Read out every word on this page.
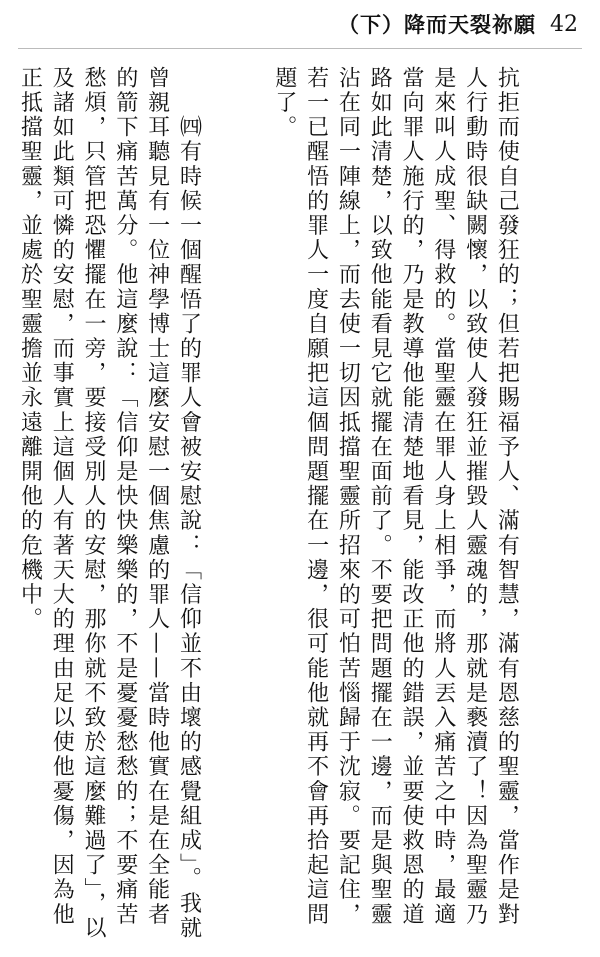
（下）降而天裂祢願 42

抗拒而使自己發狂的；但若把賜福予人、滿有智慧，滿有恩慈的聖靈，當作是對人行動時很缺闕懷，以致使人發狂並摧毀人靈魂的，那就是褻瀆了！因為聖靈乃是來叫人成聖、得救的。當聖靈在罪人身上相爭，而將人丟入痛苦之中時，最適當向罪人施行的，乃是教導他能清楚地看見，能改正他的錯誤，並要使救恩的道路如此清楚，以致他能看見它就擺在面前了。不要把問題擺在一邊，而是與聖靈沾在同一陣線上，而去使一切因抵擋聖靈所招來的可怕苦惱歸于沈寂。要記住，若一已醒悟的罪人一度自願把這個問題擺在一邊，很可能他就再不會再拾起這問題了。

　　㈣有時候一個醒悟了的罪人會被安慰說：「信仰並不由壞的感覺組成」。我就曾親耳聽見有一位神學博士這麼安慰一個焦慮的罪人——當時他實在是在全能者的箭下痛苦萬分。他這麼說：「信仰是快快樂樂的，不是憂憂愁愁的；不要痛苦愁煩，只管把恐懼擺在一旁，要接受別人的安慰，那你就不致於這麼難過了」，以及諸如此類可憐的安慰，而事實上這個人有著天大的理由足以使他憂傷，因為他正抵擋聖靈，並處於聖靈擔並永遠離開他的危機中。
